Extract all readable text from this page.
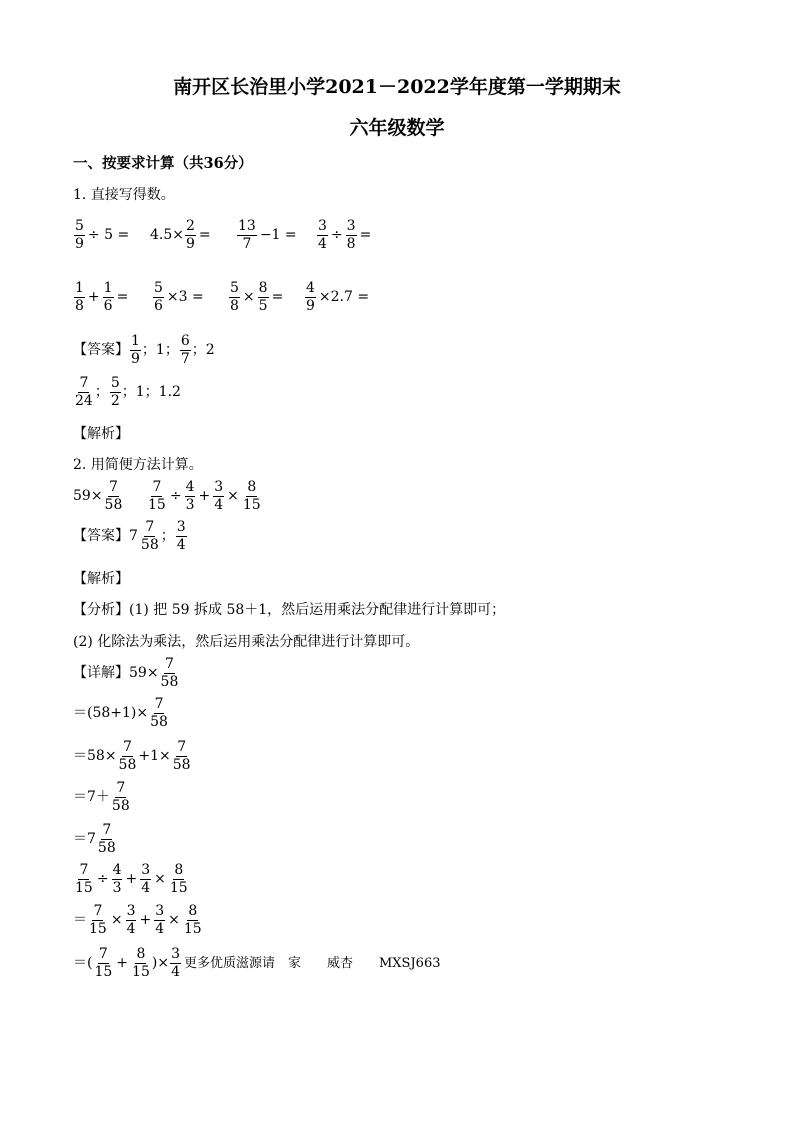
南开区长治里小学2021－2022学年度第一学期期末
六年级数学
一、按要求计算（共36分）
1. 直接写得数。
$\frac{5}{9} \div 5 = 4.5\times \frac{2}{9} = \frac{13}{7} -1 = \frac{3}{4} \div \frac{3}{8}$ =
$\frac{1}{8} + \frac{1}{6} = \frac{5}{6} \times 3 = \frac{5}{8} \times \frac{8}{5} = \frac{4}{9} \times 2.7$ =
【答案】 $\frac{1}{9}$ ；1； $\frac{6}{7}$ ；2
$\frac{7}{24}$ ； $\frac{5}{2}$ ；1；1.2
【解析】
2. 用简便方法计算。
$59\times \frac{7}{58} \frac{7}{15} \div \frac{4}{3} + \frac{3}{4} \times \frac{8}{15}$
【答案】 $7 \frac{7}{58}$ ； $\frac{3}{4}$
【解析】
【分析】(1) 把 59 拆成 58＋1，然后运用乘法分配律进行计算即可；
(2) 化除法为乘法，然后运用乘法分配律进行计算即可。
【详解】 $59\times \frac{7}{58}$
$=(58+1)\times \frac{7}{58}$
$=58\times \frac{7}{58} +1\times \frac{7}{58}$
$=7+ \frac{7}{58}$
$=7 \frac{7}{58}$
$\frac{7}{15} \div \frac{4}{3} + \frac{3}{4} \times \frac{8}{15}$
＝ $\frac{7}{15} \times \frac{3}{4} + \frac{3}{4} \times \frac{8}{15}$
＝( $\frac{7}{15} + \frac{8}{15}$ )× $\frac{3}{4}$ 更多优质滋源请　家　　威杏　　MXSJ663
